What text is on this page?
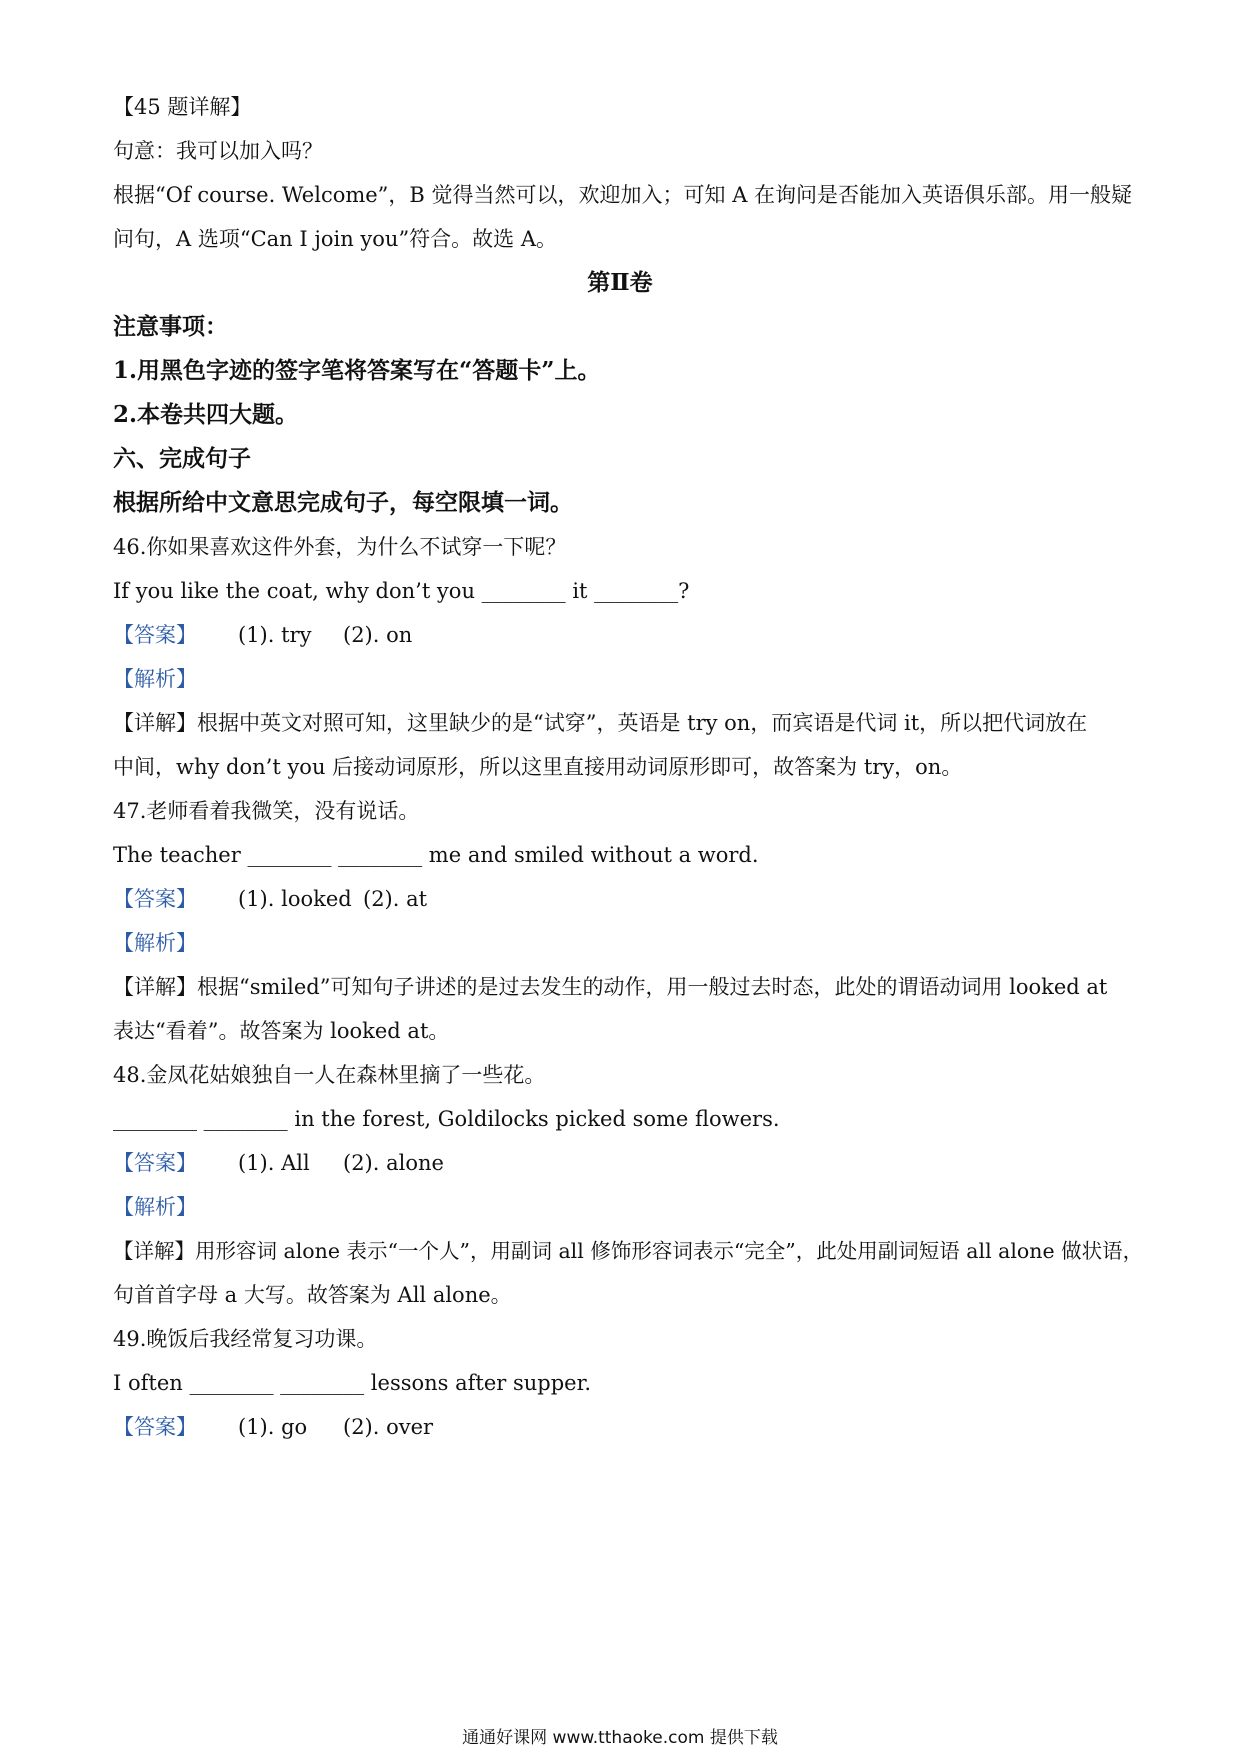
【45 题详解】
句意：我可以加入吗？
根据“Of course. Welcome”，B 觉得当然可以，欢迎加入；可知 A 在询问是否能加入英语俱乐部。用一般疑
问句，A 选项“Can I join you”符合。故选 A。
第Ⅱ卷
注意事项：
1.用黑色字迹的签字笔将答案写在“答题卡”上。
2.本卷共四大题。
六、完成句子
根据所给中文意思完成句子，每空限填一词。
46.你如果喜欢这件外套，为什么不试穿一下呢？
If you like the coat, why don’t you ________ it ________?
【答案】 (1). try (2). on
【解析】
【详解】根据中英文对照可知，这里缺少的是“试穿”，英语是 try on，而宾语是代词 it，所以把代词放在
中间，why don’t you 后接动词原形，所以这里直接用动词原形即可，故答案为 try，on。
47.老师看着我微笑，没有说话。
The teacher ________ ________ me and smiled without a word.
【答案】 (1). looked (2). at
【解析】
【详解】根据“smiled”可知句子讲述的是过去发生的动作，用一般过去时态，此处的谓语动词用 looked at
表达“看着”。故答案为 looked at。
48.金凤花姑娘独自一人在森林里摘了一些花。
________ ________ in the forest, Goldilocks picked some flowers.
【答案】 (1). All (2). alone
【解析】
【详解】用形容词 alone 表示“一个人”，用副词 all 修饰形容词表示“完全”，此处用副词短语 all alone 做状语，
句首首字母 a 大写。故答案为 All alone。
49.晚饭后我经常复习功课。
I often ________ ________ lessons after supper.
【答案】 (1). go (2). over
通通好课网 www.tthaoke.com 提供下载
